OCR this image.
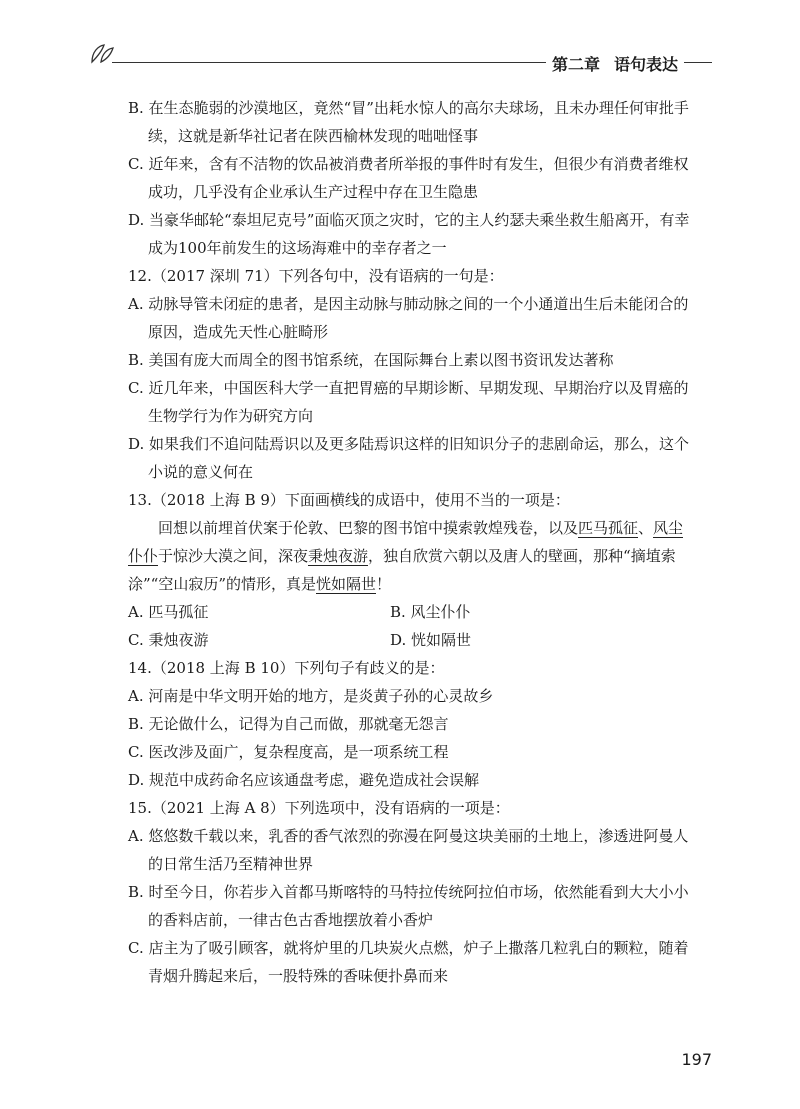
第二章 语句表达

B. 在生态脆弱的沙漠地区，竟然“冒”出耗水惊人的高尔夫球场，且未办理任何审批手续，这就是新华社记者在陕西榆林发现的咄咄怪事

C. 近年来，含有不洁物的饮品被消费者所举报的事件时有发生，但很少有消费者维权成功，几乎没有企业承认生产过程中存在卫生隐患

D. 当豪华邮轮“泰坦尼克号”面临灭顶之灾时，它的主人约瑟夫乘坐救生船离开，有幸成为100年前发生的这场海难中的幸存者之一

12.（2017 深圳 71）下列各句中，没有语病的一句是：

A. 动脉导管未闭症的患者，是因主动脉与肺动脉之间的一个小通道出生后未能闭合的原因，造成先天性心脏畸形

B. 美国有庞大而周全的图书馆系统，在国际舞台上素以图书资讯发达著称

C. 近几年来，中国医科大学一直把胃癌的早期诊断、早期发现、早期治疗以及胃癌的生物学行为作为研究方向

D. 如果我们不追问陆焉识以及更多陆焉识这样的旧知识分子的悲剧命运，那么，这个小说的意义何在

13.（2018 上海 B 9）下面画横线的成语中，使用不当的一项是：

回想以前埋首伏案于伦敦、巴黎的图书馆中摸索敦煌残卷，以及匹马孤征、风尘仆仆于惊沙大漠之间，深夜秉烛夜游，独自欣赏六朝以及唐人的壁画，那种“摘埴索涂”“空山寂历”的情形，真是恍如隔世！

A. 匹马孤征	B. 风尘仆仆
C. 秉烛夜游	D. 恍如隔世

14.（2018 上海 B 10）下列句子有歧义的是：

A. 河南是中华文明开始的地方，是炎黄子孙的心灵故乡

B. 无论做什么，记得为自己而做，那就毫无怨言

C. 医改涉及面广，复杂程度高，是一项系统工程

D. 规范中成药命名应该通盘考虑，避免造成社会误解

15.（2021 上海 A 8）下列选项中，没有语病的一项是：

A. 悠悠数千载以来，乳香的香气浓烈的弥漫在阿曼这块美丽的土地上，渗透进阿曼人的日常生活乃至精神世界

B. 时至今日，你若步入首都马斯喀特的马特拉传统阿拉伯市场，依然能看到大大小小的香料店前，一律古色古香地摆放着小香炉

C. 店主为了吸引顾客，就将炉里的几块炭火点燃，炉子上撒落几粒乳白的颗粒，随着青烟升腾起来后，一股特殊的香味便扑鼻而来

197
